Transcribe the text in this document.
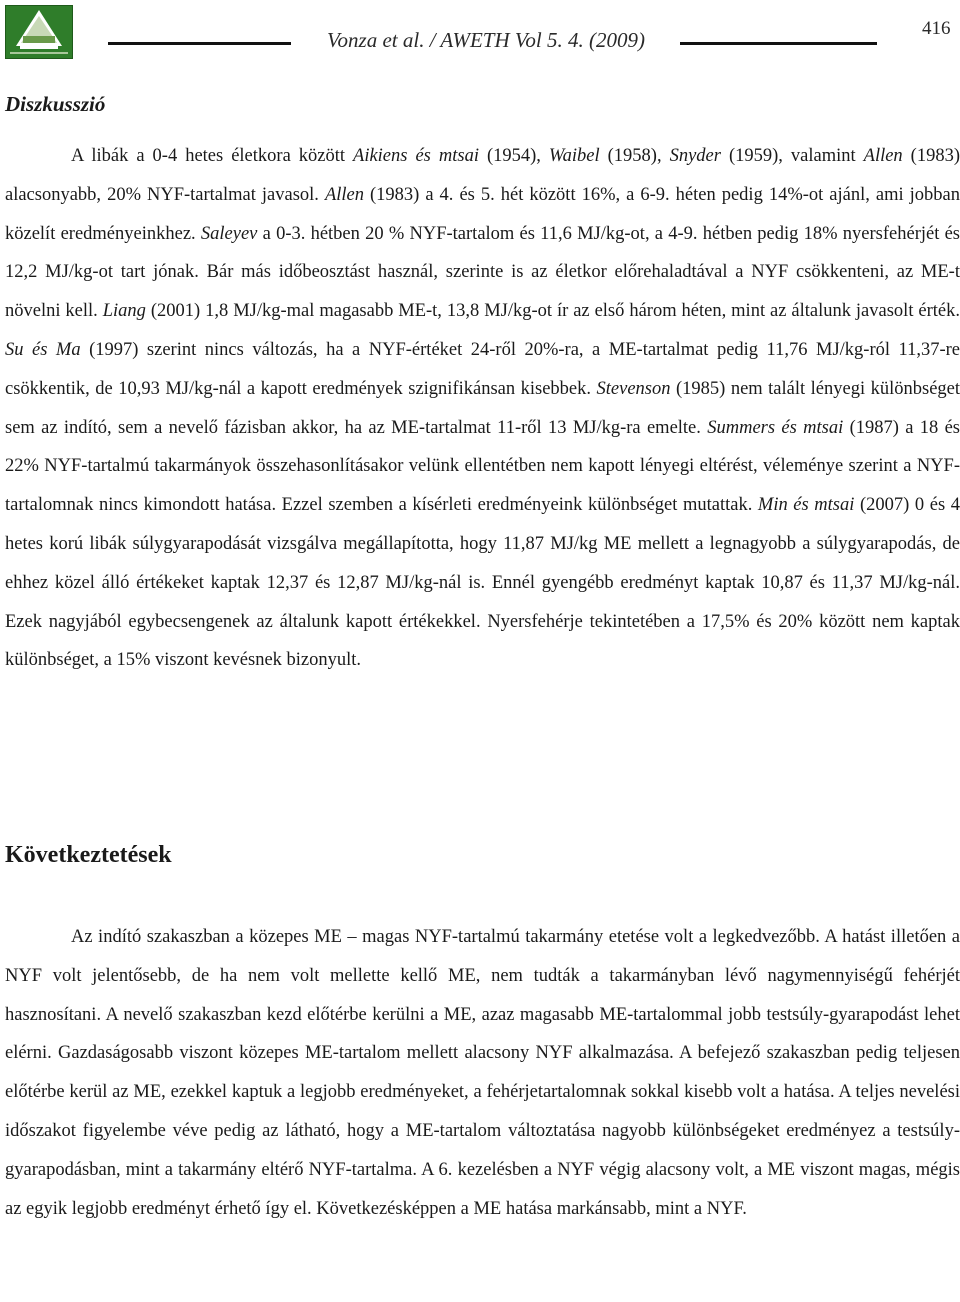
Vonza et al. / AWETH Vol 5. 4. (2009)	416
Diszkusszió

A libák a 0-4 hetes életkora között Aikiens és mtsai (1954), Waibel (1958), Snyder (1959), valamint Allen (1983) alacsonyabb, 20% NYF-tartalmat javasol. Allen (1983) a 4. és 5. hét között 16%, a 6-9. héten pedig 14%-ot ajánl, ami jobban közelít eredményeinkhez. Saleyev a 0-3. hétben 20 % NYF-tartalom és 11,6 MJ/kg-ot, a 4-9. hétben pedig 18% nyersfehérjét és 12,2 MJ/kg-ot tart jónak. Bár más időbeosztást használ, szerinte is az életkor előrehaladtával a NYF csökkenteni, az ME-t növelni kell. Liang (2001) 1,8 MJ/kg-mal magasabb ME-t, 13,8 MJ/kg-ot ír az első három héten, mint az általunk javasolt érték. Su és Ma (1997) szerint nincs változás, ha a NYF-értéket 24-ről 20%-ra, a ME-tartalmat pedig 11,76 MJ/kg-ról 11,37-re csökkentik, de 10,93 MJ/kg-nál a kapott eredmények szignifikánsan kisebbek. Stevenson (1985) nem talált lényegi különbséget sem az indító, sem a nevelő fázisban akkor, ha az ME-tartalmat 11-ről 13 MJ/kg-ra emelte. Summers és mtsai (1987) a 18 és 22% NYF-tartalmú takarmányok összehasonlításakor velünk ellentétben nem kapott lényegi eltérést, véleménye szerint a NYF-tartalomnak nincs kimondott hatása. Ezzel szemben a kísérleti eredményeink különbséget mutattak. Min és mtsai (2007) 0 és 4 hetes korú libák súlygyarapodását vizsgálva megállapította, hogy 11,87 MJ/kg ME mellett a legnagyobb a súlygyarapodás, de ehhez közel álló értékeket kaptak 12,37 és 12,87 MJ/kg-nál is. Ennél gyengébb eredményt kaptak 10,87 és 11,37 MJ/kg-nál. Ezek nagyjából egybecsengenek az általunk kapott értékekkel. Nyersfehérje tekintetében a 17,5% és 20% között nem kaptak különbséget, a 15% viszont kevésnek bizonyult.

Következtetések

Az indító szakaszban a közepes ME – magas NYF-tartalmú takarmány etetése volt a legkedvezőbb. A hatást illetően a NYF volt jelentősebb, de ha nem volt mellette kellő ME, nem tudták a takarmányban lévő nagymennyiségű fehérjét hasznosítani. A nevelő szakaszban kezd előtérbe kerülni a ME, azaz magasabb ME-tartalommal jobb testsúly-gyarapodást lehet elérni. Gazdaságosabb viszont közepes ME-tartalom mellett alacsony NYF alkalmazása. A befejező szakaszban pedig teljesen előtérbe kerül az ME, ezekkel kaptuk a legjobb eredményeket, a fehérjetartalomnak sokkal kisebb volt a hatása. A teljes nevelési időszakot figyelembe véve pedig az látható, hogy a ME-tartalom változtatása nagyobb különbségeket eredményez a testsúly-gyarapodásban, mint a takarmány eltérő NYF-tartalma. A 6. kezelésben a NYF végig alacsony volt, a ME viszont magas, mégis az egyik legjobb eredményt érhető így el. Következésképpen a ME hatása markánsabb, mint a NYF.
